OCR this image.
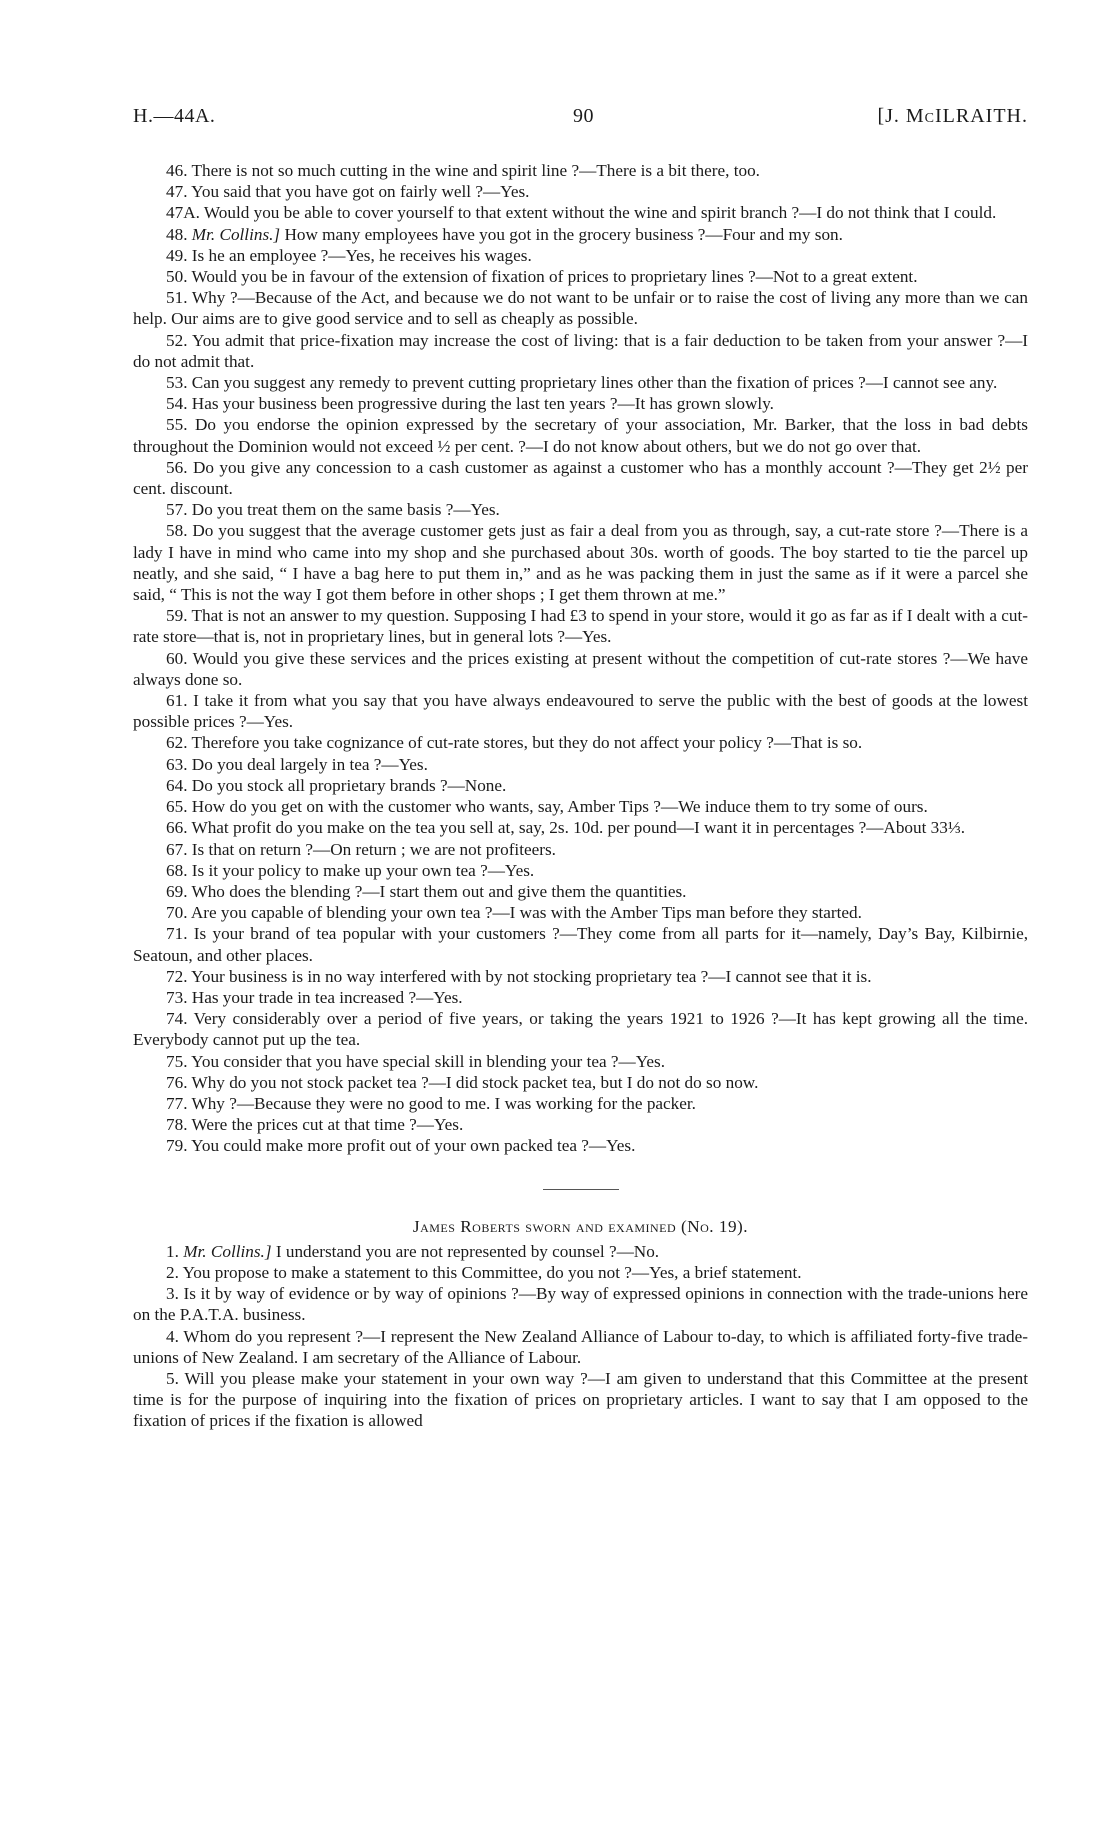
H.—44A.	90	[J. McILRAITH.

46. There is not so much cutting in the wine and spirit line ?—There is a bit there, too.

47. You said that you have got on fairly well ?—Yes.

47A. Would you be able to cover yourself to that extent without the wine and spirit branch ?—I do not think that I could.

48. Mr. Collins.] How many employees have you got in the grocery business ?—Four and my son.

49. Is he an employee ?—Yes, he receives his wages.

50. Would you be in favour of the extension of fixation of prices to proprietary lines ?—Not to a great extent.

51. Why ?—Because of the Act, and because we do not want to be unfair or to raise the cost of living any more than we can help. Our aims are to give good service and to sell as cheaply as possible.

52. You admit that price-fixation may increase the cost of living: that is a fair deduction to be taken from your answer ?—I do not admit that.

53. Can you suggest any remedy to prevent cutting proprietary lines other than the fixation of prices ?—I cannot see any.

54. Has your business been progressive during the last ten years ?—It has grown slowly.

55. Do you endorse the opinion expressed by the secretary of your association, Mr. Barker, that the loss in bad debts throughout the Dominion would not exceed ½ per cent. ?—I do not know about others, but we do not go over that.

56. Do you give any concession to a cash customer as against a customer who has a monthly account ?—They get 2½ per cent. discount.

57. Do you treat them on the same basis ?—Yes.

58. Do you suggest that the average customer gets just as fair a deal from you as through, say, a cut-rate store ?—There is a lady I have in mind who came into my shop and she purchased about 30s. worth of goods. The boy started to tie the parcel up neatly, and she said, “ I have a bag here to put them in,” and as he was packing them in just the same as if it were a parcel she said, “ This is not the way I got them before in other shops ; I get them thrown at me.”

59. That is not an answer to my question. Supposing I had £3 to spend in your store, would it go as far as if I dealt with a cut-rate store—that is, not in proprietary lines, but in general lots ?—Yes.

60. Would you give these services and the prices existing at present without the competition of cut-rate stores ?—We have always done so.

61. I take it from what you say that you have always endeavoured to serve the public with the best of goods at the lowest possible prices ?—Yes.

62. Therefore you take cognizance of cut-rate stores, but they do not affect your policy ?—That is so.

63. Do you deal largely in tea ?—Yes.

64. Do you stock all proprietary brands ?—None.

65. How do you get on with the customer who wants, say, Amber Tips ?—We induce them to try some of ours.

66. What profit do you make on the tea you sell at, say, 2s. 10d. per pound—I want it in percentages ?—About 33⅓.

67. Is that on return ?—On return ; we are not profiteers.

68. Is it your policy to make up your own tea ?—Yes.

69. Who does the blending ?—I start them out and give them the quantities.

70. Are you capable of blending your own tea ?—I was with the Amber Tips man before they started.

71. Is your brand of tea popular with your customers ?—They come from all parts for it—namely, Day’s Bay, Kilbirnie, Seatoun, and other places.

72. Your business is in no way interfered with by not stocking proprietary tea ?—I cannot see that it is.

73. Has your trade in tea increased ?—Yes.

74. Very considerably over a period of five years, or taking the years 1921 to 1926 ?—It has kept growing all the time. Everybody cannot put up the tea.

75. You consider that you have special skill in blending your tea ?—Yes.

76. Why do you not stock packet tea ?—I did stock packet tea, but I do not do so now.

77. Why ?—Because they were no good to me. I was working for the packer.

78. Were the prices cut at that time ?—Yes.

79. You could make more profit out of your own packed tea ?—Yes.

James Roberts sworn and examined (No. 19).

1. Mr. Collins.] I understand you are not represented by counsel ?—No.

2. You propose to make a statement to this Committee, do you not ?—Yes, a brief statement.

3. Is it by way of evidence or by way of opinions ?—By way of expressed opinions in connection with the trade-unions here on the P.A.T.A. business.

4. Whom do you represent ?—I represent the New Zealand Alliance of Labour to-day, to which is affiliated forty-five trade-unions of New Zealand. I am secretary of the Alliance of Labour.

5. Will you please make your statement in your own way ?—I am given to understand that this Committee at the present time is for the purpose of inquiring into the fixation of prices on proprietary articles. I want to say that I am opposed to the fixation of prices if the fixation is allowed
